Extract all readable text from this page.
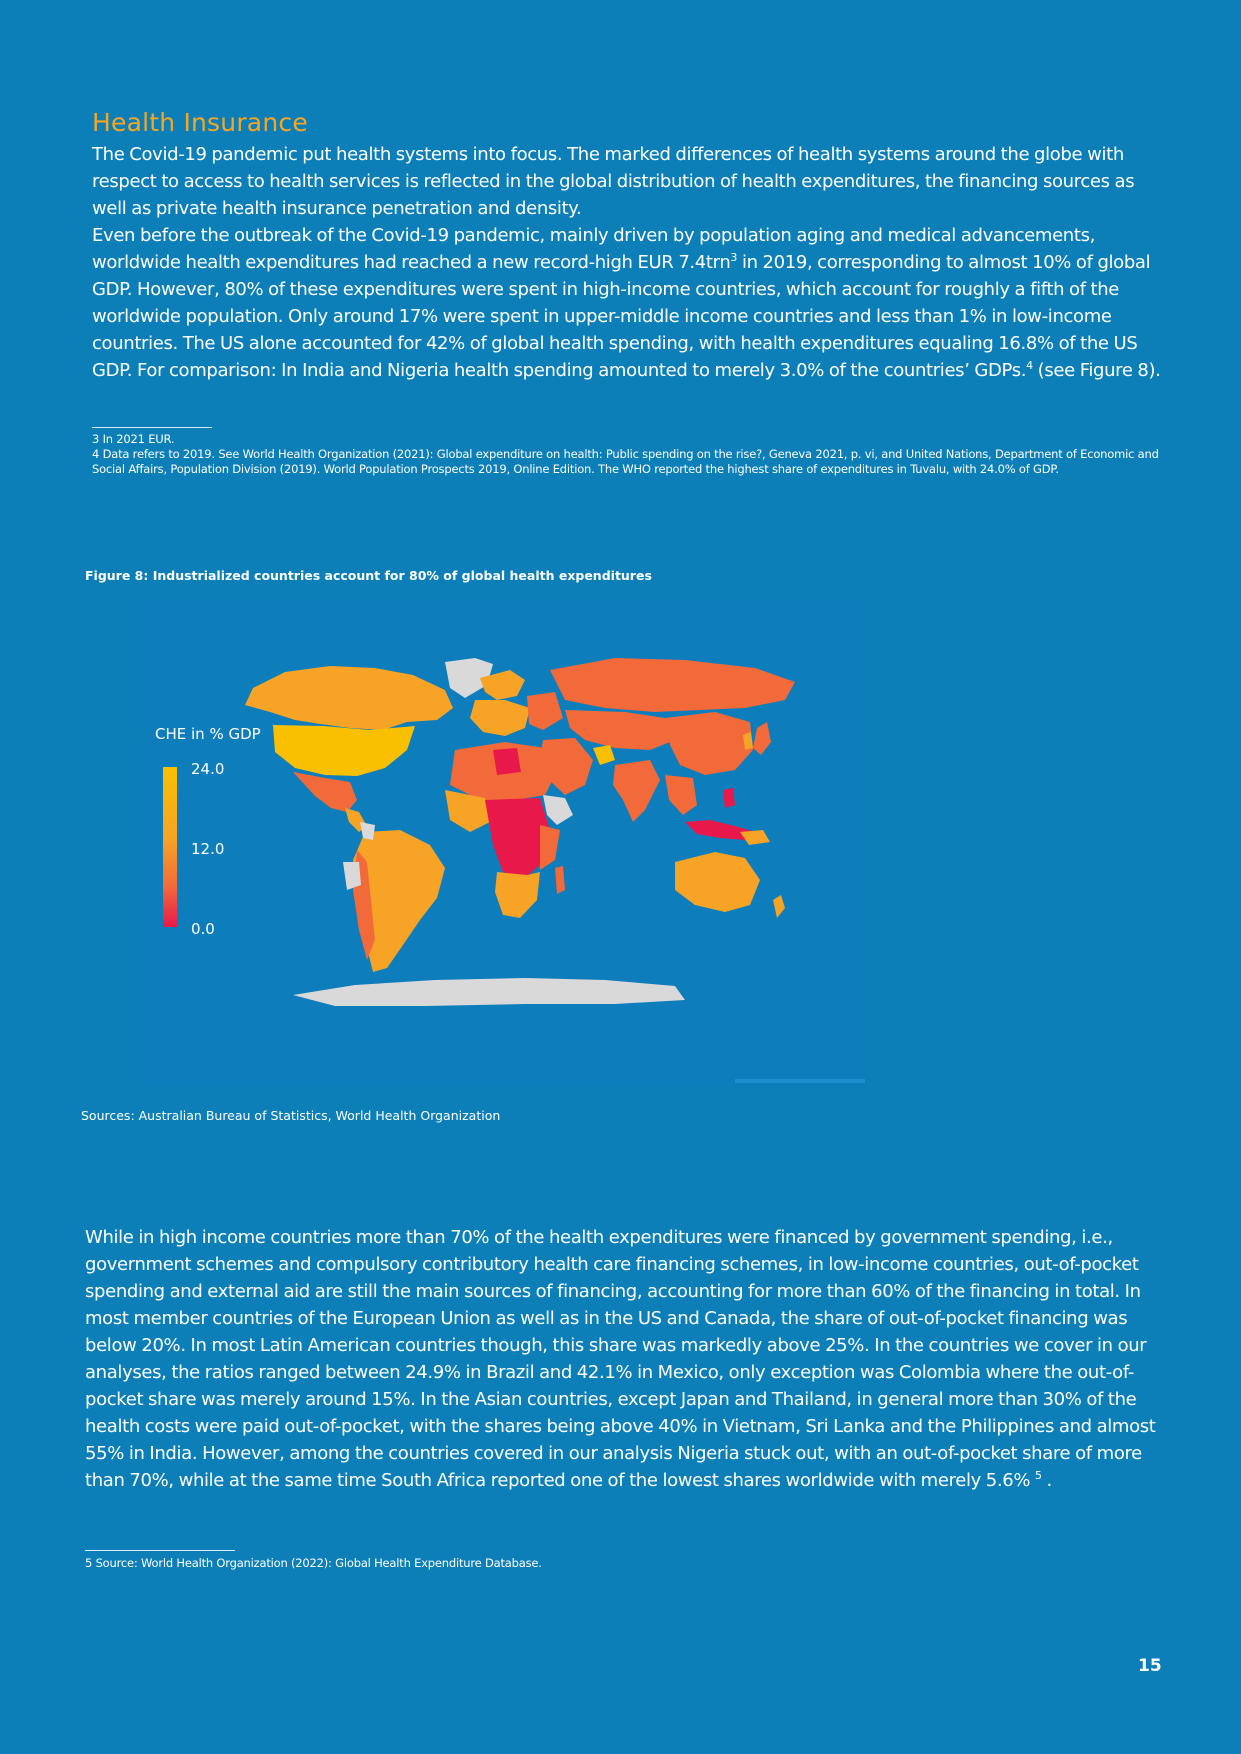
Health Insurance
The Covid-19 pandemic put health systems into focus. The marked differences of health systems around the globe with respect to access to health services is reflected in the global distribution of health expenditures, the financing sources as well as private health insurance penetration and density.
Even before the outbreak of the Covid-19 pandemic, mainly driven by population aging and medical advancements, worldwide health expenditures had reached a new record-high EUR 7.4trn$^3$ in 2019, corresponding to almost 10% of global GDP. However, 80% of these expenditures were spent in high-income countries, which account for roughly a fifth of the worldwide population. Only around 17% were spent in upper-middle income countries and less than 1% in low-income countries. The US alone accounted for 42% of global health spending, with health expenditures equaling 16.8% of the US GDP. For comparison: In India and Nigeria health spending amounted to merely 3.0% of the countries’ GDPs.$^4$ (see Figure 8).

3 In 2021 EUR.

4 Data refers to 2019. See World Health Organization (2021): Global expenditure on health: Public spending on the rise?, Geneva 2021, p. vi, and United Nations, Department of Economic and Social Affairs, Population Division (2019). World Population Prospects 2019, Online Edition. The WHO reported the highest share of expenditures in Tuvalu, with 24.0% of GDP.

Figure 8: Industrialized countries account for 80% of global health expenditures

CHE in % GDP
24.0
12.0
0.0

Sources: Australian Bureau of Statistics, World Health Organization

While in high income countries more than 70% of the health expenditures were financed by government spending, i.e., government schemes and compulsory contributory health care financing schemes, in low-income countries, out-of-pocket spending and external aid are still the main sources of financing, accounting for more than 60% of the financing in total. In most member countries of the European Union as well as in the US and Canada, the share of out-of-pocket financing was below 20%. In most Latin American countries though, this share was markedly above 25%. In the countries we cover in our analyses, the ratios ranged between 24.9% in Brazil and 42.1% in Mexico, only exception was Colombia where the out-of-pocket share was merely around 15%. In the Asian countries, except Japan and Thailand, in general more than 30% of the health costs were paid out-of-pocket, with the shares being above 40% in Vietnam, Sri Lanka and the Philippines and almost 55% in India. However, among the countries covered in our analysis Nigeria stuck out, with an out-of-pocket share of more than 70%, while at the same time South Africa reported one of the lowest shares worldwide with merely 5.6% $^5$ .

5 Source: World Health Organization (2022): Global Health Expenditure Database.

15
